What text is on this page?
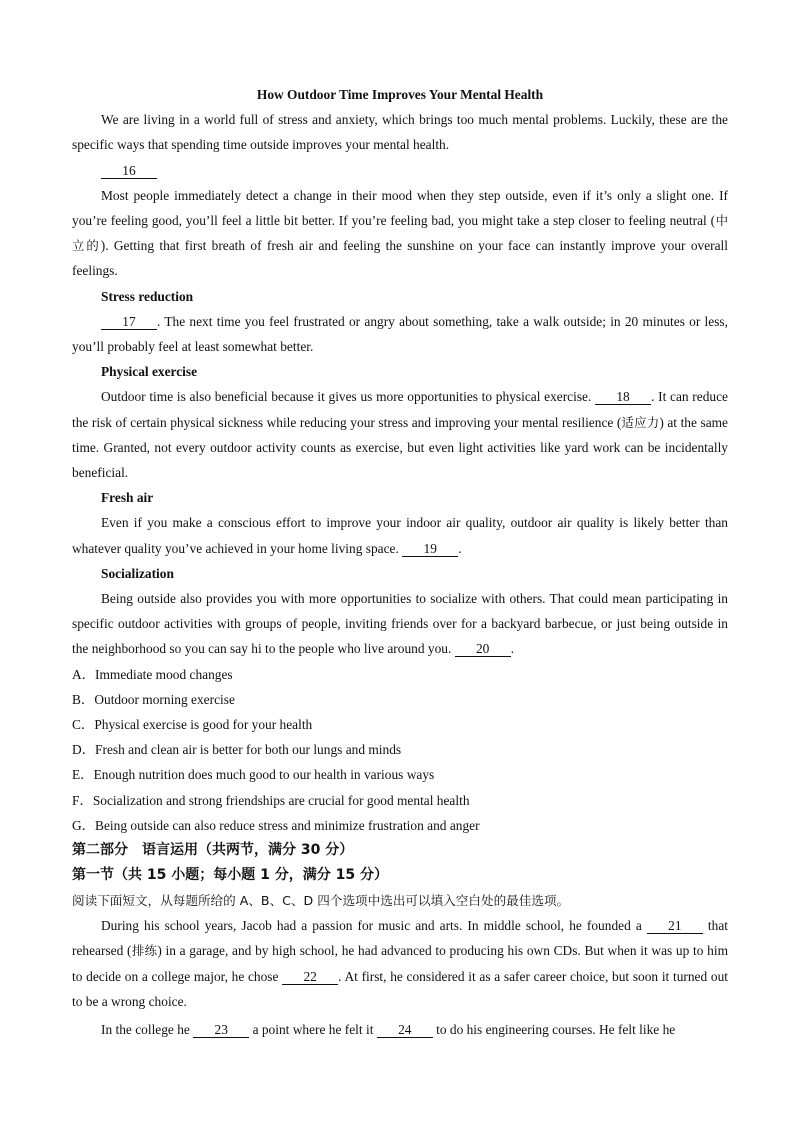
How Outdoor Time Improves Your Mental Health

We are living in a world full of stress and anxiety, which brings too much mental problems. Luckily, these are the specific ways that spending time outside improves your mental health.

16

Most people immediately detect a change in their mood when they step outside, even if it’s only a slight one. If you’re feeling good, you’ll feel a little bit better. If you’re feeling bad, you might take a step closer to feeling neutral (中立的). Getting that first breath of fresh air and feeling the sunshine on your face can instantly improve your overall feelings.

Stress reduction

17 . The next time you feel frustrated or angry about something, take a walk outside; in 20 minutes or less, you’ll probably feel at least somewhat better.

Physical exercise

Outdoor time is also beneficial because it gives us more opportunities to physical exercise. 18 . It can reduce the risk of certain physical sickness while reducing your stress and improving your mental resilience (适应力) at the same time. Granted, not every outdoor activity counts as exercise, but even light activities like yard work can be incidentally beneficial.

Fresh air

Even if you make a conscious effort to improve your indoor air quality, outdoor air quality is likely better than whatever quality you’ve achieved in your home living space. 19 .

Socialization

Being outside also provides you with more opportunities to socialize with others. That could mean participating in specific outdoor activities with groups of people, inviting friends over for a backyard barbecue, or just being outside in the neighborhood so you can say hi to the people who live around you. 20 .

A．Immediate mood changes

B．Outdoor morning exercise

C．Physical exercise is good for your health

D．Fresh and clean air is better for both our lungs and minds

E．Enough nutrition does much good to our health in various ways

F．Socialization and strong friendships are crucial for good mental health

G．Being outside can also reduce stress and minimize frustration and anger

第二部分　语言运用（共两节，满分 30 分）

第一节（共 15 小题；每小题 1 分，满分 15 分）

阅读下面短文，从每题所给的 A、B、C、D 四个选项中选出可以填入空白处的最佳选项。

During his school years, Jacob had a passion for music and arts. In middle school, he founded a 21 that rehearsed (排练) in a garage, and by high school, he had advanced to producing his own CDs. But when it was up to him to decide on a college major, he chose 22 . At first, he considered it as a safer career choice, but soon it turned out to be a wrong choice.

In the college he 23 a point where he felt it 24 to do his engineering courses. He felt like he
